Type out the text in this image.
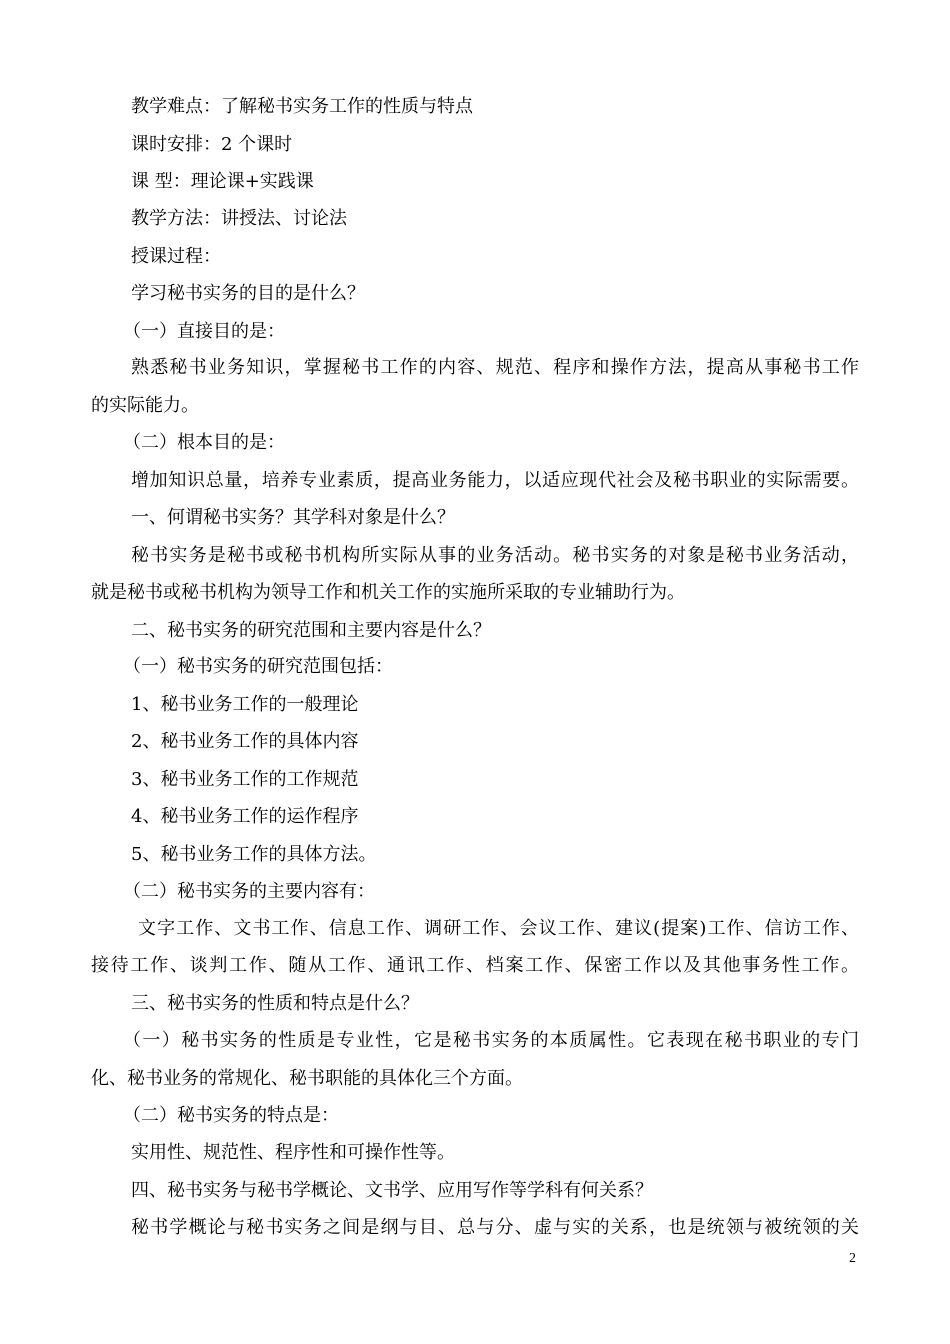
教学难点：了解秘书实务工作的性质与特点
课时安排：2 个课时
课 型：理论课+实践课
教学方法：讲授法、讨论法
授课过程：
学习秘书实务的目的是什么？
（一）直接目的是：
熟悉秘书业务知识，掌握秘书工作的内容、规范、程序和操作方法，提高从事秘书工作
的实际能力。
（二）根本目的是：
增加知识总量，培养专业素质，提高业务能力，以适应现代社会及秘书职业的实际需要。
一、何谓秘书实务？其学科对象是什么？
秘书实务是秘书或秘书机构所实际从事的业务活动。秘书实务的对象是秘书业务活动，
就是秘书或秘书机构为领导工作和机关工作的实施所采取的专业辅助行为。
二、秘书实务的研究范围和主要内容是什么？
（一）秘书实务的研究范围包括：
1、秘书业务工作的一般理论
2、秘书业务工作的具体内容
3、秘书业务工作的工作规范
4、秘书业务工作的运作程序
5、秘书业务工作的具体方法。
（二）秘书实务的主要内容有：
文字工作、文书工作、信息工作、调研工作、会议工作、建议(提案)工作、信访工作、
接待工作、谈判工作、随从工作、通讯工作、档案工作、保密工作以及其他事务性工作。
三、秘书实务的性质和特点是什么？
（一）秘书实务的性质是专业性，它是秘书实务的本质属性。它表现在秘书职业的专门
化、秘书业务的常规化、秘书职能的具体化三个方面。
（二）秘书实务的特点是：
实用性、规范性、程序性和可操作性等。
四、秘书实务与秘书学概论、文书学、应用写作等学科有何关系？
秘书学概论与秘书实务之间是纲与目、总与分、虚与实的关系，也是统领与被统领的关
2
